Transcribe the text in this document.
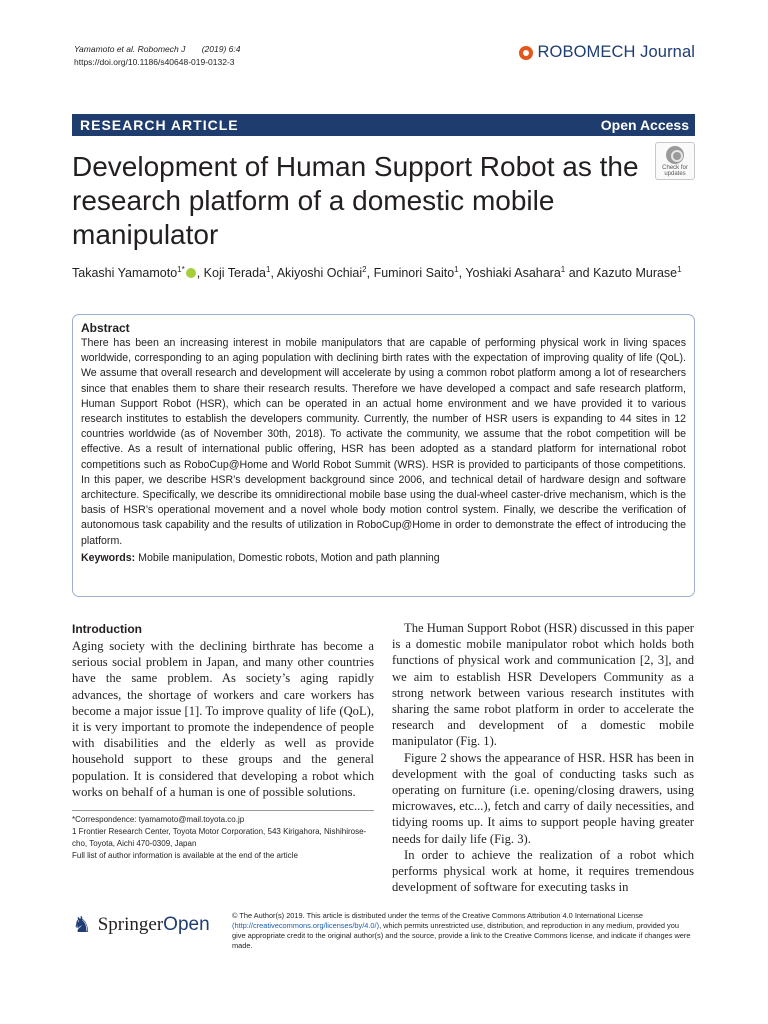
Yamamoto et al. Robomech J (2019) 6:4
https://doi.org/10.1186/s40648-019-0132-3
ROBOMECH Journal
RESEARCH ARTICLE	Open Access
Development of Human Support Robot as the research platform of a domestic mobile manipulator
Check for updates
Takashi Yamamoto$^{1*}$ , Koji Terada$^1$, Akiyoshi Ochiai$^2$, Fuminori Saito$^1$, Yoshiaki Asahara$^1$ and Kazuto Murase$^1$
Abstract

There has been an increasing interest in mobile manipulators that are capable of performing physical work in living spaces worldwide, corresponding to an aging population with declining birth rates with the expectation of improving quality of life (QoL). We assume that overall research and development will accelerate by using a common robot platform among a lot of researchers since that enables them to share their research results. Therefore we have developed a compact and safe research platform, Human Support Robot (HSR), which can be operated in an actual home environment and we have provided it to various research institutes to establish the developers community. Currently, the number of HSR users is expanding to 44 sites in 12 countries worldwide (as of November 30th, 2018). To activate the community, we assume that the robot competition will be effective. As a result of international public offering, HSR has been adopted as a standard platform for international robot competitions such as RoboCup@Home and World Robot Summit (WRS). HSR is provided to participants of those competitions. In this paper, we describe HSR’s development background since 2006, and technical detail of hardware design and software architecture. Specifically, we describe its omnidirectional mobile base using the dual-wheel caster-drive mechanism, which is the basis of HSR’s operational movement and a novel whole body motion control system. Finally, we describe the verification of autonomous task capability and the results of utilization in RoboCup@Home in order to demonstrate the effect of introducing the platform.

Keywords: Mobile manipulation, Domestic robots, Motion and path planning

Introduction

Aging society with the declining birthrate has become a serious social problem in Japan, and many other countries have the same problem. As society’s aging rapidly advances, the shortage of workers and care workers has become a major issue [1]. To improve quality of life (QoL), it is very important to promote the independence of people with disabilities and the elderly as well as provide household support to these groups and the general population. It is considered that developing a robot which works on behalf of a human is one of possible solutions.

The Human Support Robot (HSR) discussed in this paper is a domestic mobile manipulator robot which holds both functions of physical work and communication [2, 3], and we aim to establish HSR Developers Community as a strong network between various research institutes with sharing the same robot platform in order to accelerate the research and development of a domestic mobile manipulator (Fig. 1).

Figure 2 shows the appearance of HSR. HSR has been in development with the goal of conducting tasks such as operating on furniture (i.e. opening/closing drawers, using microwaves, etc...), fetch and carry of daily necessities, and tidying rooms up. It aims to support people having greater needs for daily life (Fig. 3).

In order to achieve the realization of a robot which performs physical work at home, it requires tremendous development of software for executing tasks in

*Correspondence: tyamamoto@mail.toyota.co.jp
1 Frontier Research Center, Toyota Motor Corporation, 543 Kirigahora, Nishihirose-cho, Toyota, Aichi 470-0309, Japan
Full list of author information is available at the end of the article
♞ SpringerOpen	© The Author(s) 2019. This article is distributed under the terms of the Creative Commons Attribution 4.0 International License (http://creativecommons.org/licenses/by/4.0/), which permits unrestricted use, distribution, and reproduction in any medium, provided you give appropriate credit to the original author(s) and the source, provide a link to the Creative Commons license, and indicate if changes were made.
